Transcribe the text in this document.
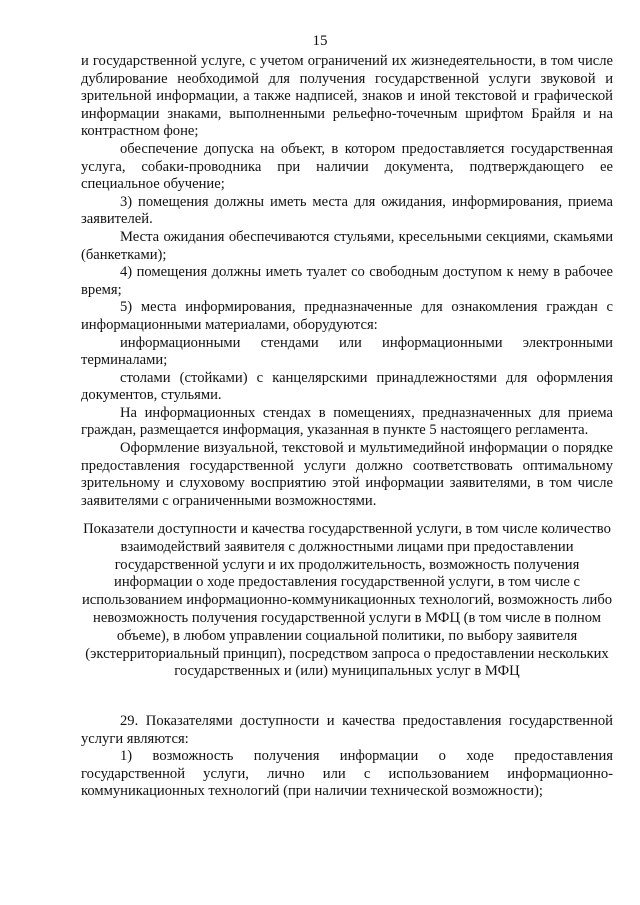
15

и государственной услуге, с учетом ограничений их жизнедеятельности, в том числе дублирование необходимой для получения государственной услуги звуковой и зрительной информации, а также надписей, знаков и иной текстовой и графической информации знаками, выполненными рельефно-точечным шрифтом Брайля и на контрастном фоне;

обеспечение допуска на объект, в котором предоставляется государственная услуга, собаки-проводника при наличии документа, подтверждающего ее специальное обучение;

3) помещения должны иметь места для ожидания, информирования, приема заявителей.

Места ожидания обеспечиваются стульями, кресельными секциями, скамьями (банкетками);

4) помещения должны иметь туалет со свободным доступом к нему в рабочее время;

5) места информирования, предназначенные для ознакомления граждан с информационными материалами, оборудуются:

информационными стендами или информационными электронными терминалами;

столами (стойками) с канцелярскими принадлежностями для оформления документов, стульями.

На информационных стендах в помещениях, предназначенных для приема граждан, размещается информация, указанная в пункте 5 настоящего регламента.

Оформление визуальной, текстовой и мультимедийной информации о порядке предоставления государственной услуги должно соответствовать оптимальному зрительному и слуховому восприятию этой информации заявителями, в том числе заявителями с ограниченными возможностями.

Показатели доступности и качества государственной услуги, в том числе количество взаимодействий заявителя с должностными лицами при предоставлении государственной услуги и их продолжительность, возможность получения информации о ходе предоставления государственной услуги, в том числе с использованием информационно-коммуникационных технологий, возможность либо невозможность получения государственной услуги в МФЦ (в том числе в полном объеме), в любом управлении социальной политики, по выбору заявителя (экстерриториальный принцип), посредством запроса о предоставлении нескольких государственных и (или) муниципальных услуг в МФЦ

29. Показателями доступности и качества предоставления государственной услуги являются:

1) возможность получения информации о ходе предоставления государственной услуги, лично или с использованием информационно-коммуникационных технологий (при наличии технической возможности);
